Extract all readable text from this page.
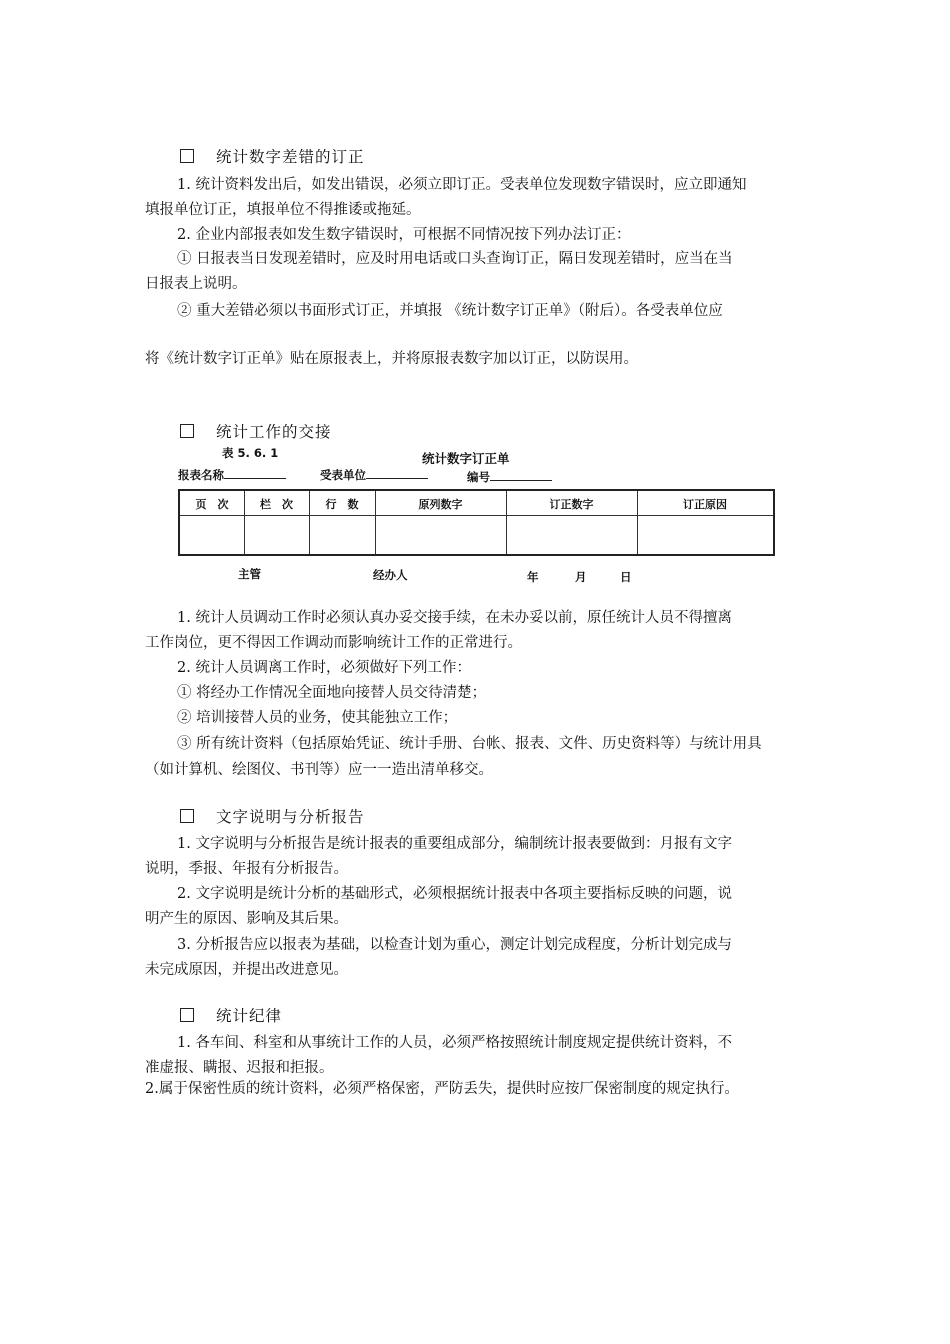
统计数字差错的订正
1. 统计资料发出后，如发出错误，必须立即订正。受表单位发现数字错误时，应立即通知
填报单位订正，填报单位不得推诿或拖延。
2. 企业内部报表如发生数字错误时，可根据不同情况按下列办法订正：
① 日报表当日发现差错时，应及时用电话或口头查询订正，隔日发现差错时，应当在当
日报表上说明。
② 重大差错必须以书面形式订正，并填报 《统计数字订正单》（附后）。各受表单位应
将《统计数字订正单》贴在原报表上，并将原报表数字加以订正，以防误用。
统计工作的交接
表 5. 6. 1	统计数字订正单
报表名称	受表单位	编号
页　次	栏　次	行　数	原列数字	订正数字	订正原因
主管	经办人	年	月	日
1. 统计人员调动工作时必须认真办妥交接手续，在未办妥以前，原任统计人员不得擅离
工作岗位，更不得因工作调动而影响统计工作的正常进行。
2. 统计人员调离工作时，必须做好下列工作：
① 将经办工作情况全面地向接替人员交待清楚；
② 培训接替人员的业务，使其能独立工作；
③ 所有统计资料（包括原始凭证、统计手册、台帐、报表、文件、历史资料等）与统计用具
（如计算机、绘图仪、书刊等）应一一造出清单移交。
文字说明与分析报告
1. 文字说明与分析报告是统计报表的重要组成部分，编制统计报表要做到：月报有文字
说明，季报、年报有分析报告。
2. 文字说明是统计分析的基础形式，必须根据统计报表中各项主要指标反映的问题，说
明产生的原因、影响及其后果。
3. 分析报告应以报表为基础，以检查计划为重心，测定计划完成程度，分析计划完成与
未完成原因，并提出改进意见。
统计纪律
1. 各车间、科室和从事统计工作的人员，必须严格按照统计制度规定提供统计资料，不
准虚报、瞒报、迟报和拒报。
2.属于保密性质的统计资料，必须严格保密，严防丢失，提供时应按厂保密制度的规定执行。
